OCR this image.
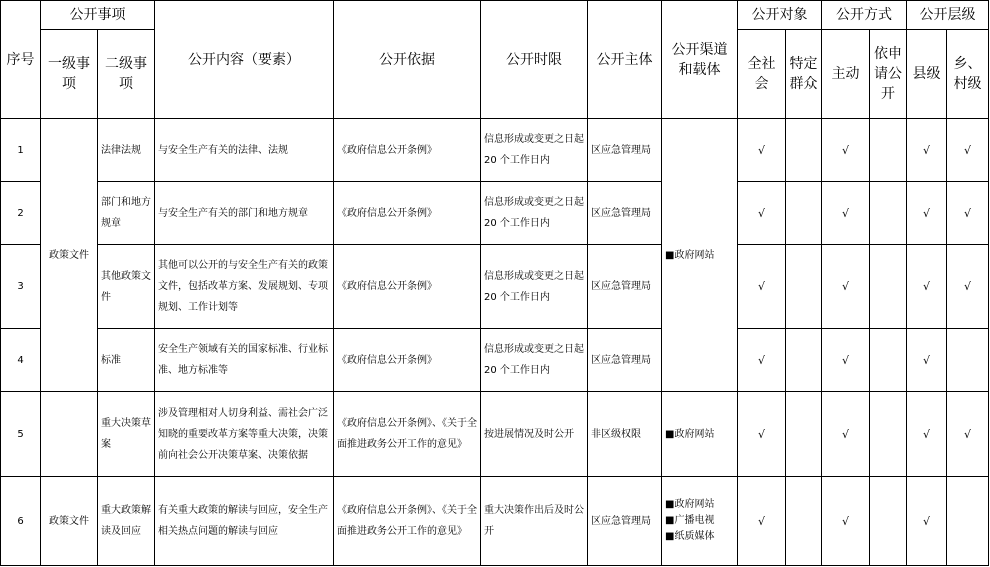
序号	公开事项		公开内容（要素）	公开依据	公开时限	公开主体	公开渠道和载体	公开对象		公开方式		公开层级	
	一级事项	二级事项						全社会	特定群众	主动	依申请公开	县级	乡、村级
1	政策文件	法律法规	与安全生产有关的法律、法规	《政府信息公开条例》	信息形成或变更之日起 20 个工作日内	区应急管理局	■政府网站	√		√		√	√
2		部门和地方规章	与安全生产有关的部门和地方规章	《政府信息公开条例》	信息形成或变更之日起 20 个工作日内	区应急管理局		√		√		√	√
3		其他政策文件	其他可以公开的与安全生产有关的政策文件，包括改革方案、发展规划、专项规划、工作计划等	《政府信息公开条例》	信息形成或变更之日起 20 个工作日内	区应急管理局		√		√		√	√
4		标准	安全生产领域有关的国家标准、行业标准、地方标准等	《政府信息公开条例》	信息形成或变更之日起 20 个工作日内	区应急管理局		√		√		√	
5		重大决策草案	涉及管理相对人切身利益、需社会广泛知晓的重要改革方案等重大决策，决策前向社会公开决策草案、决策依据	《政府信息公开条例》、《关于全面推进政务公开工作的意见》	按进展情况及时公开	非区级权限	■政府网站	√		√		√	√
6	政策文件	重大政策解读及回应	有关重大政策的解读与回应，安全生产相关热点问题的解读与回应	《政府信息公开条例》、《关于全面推进政务公开工作的意见》	重大决策作出后及时公开	区应急管理局	■政府网站
■广播电视
■纸质媒体	√		√		√	
